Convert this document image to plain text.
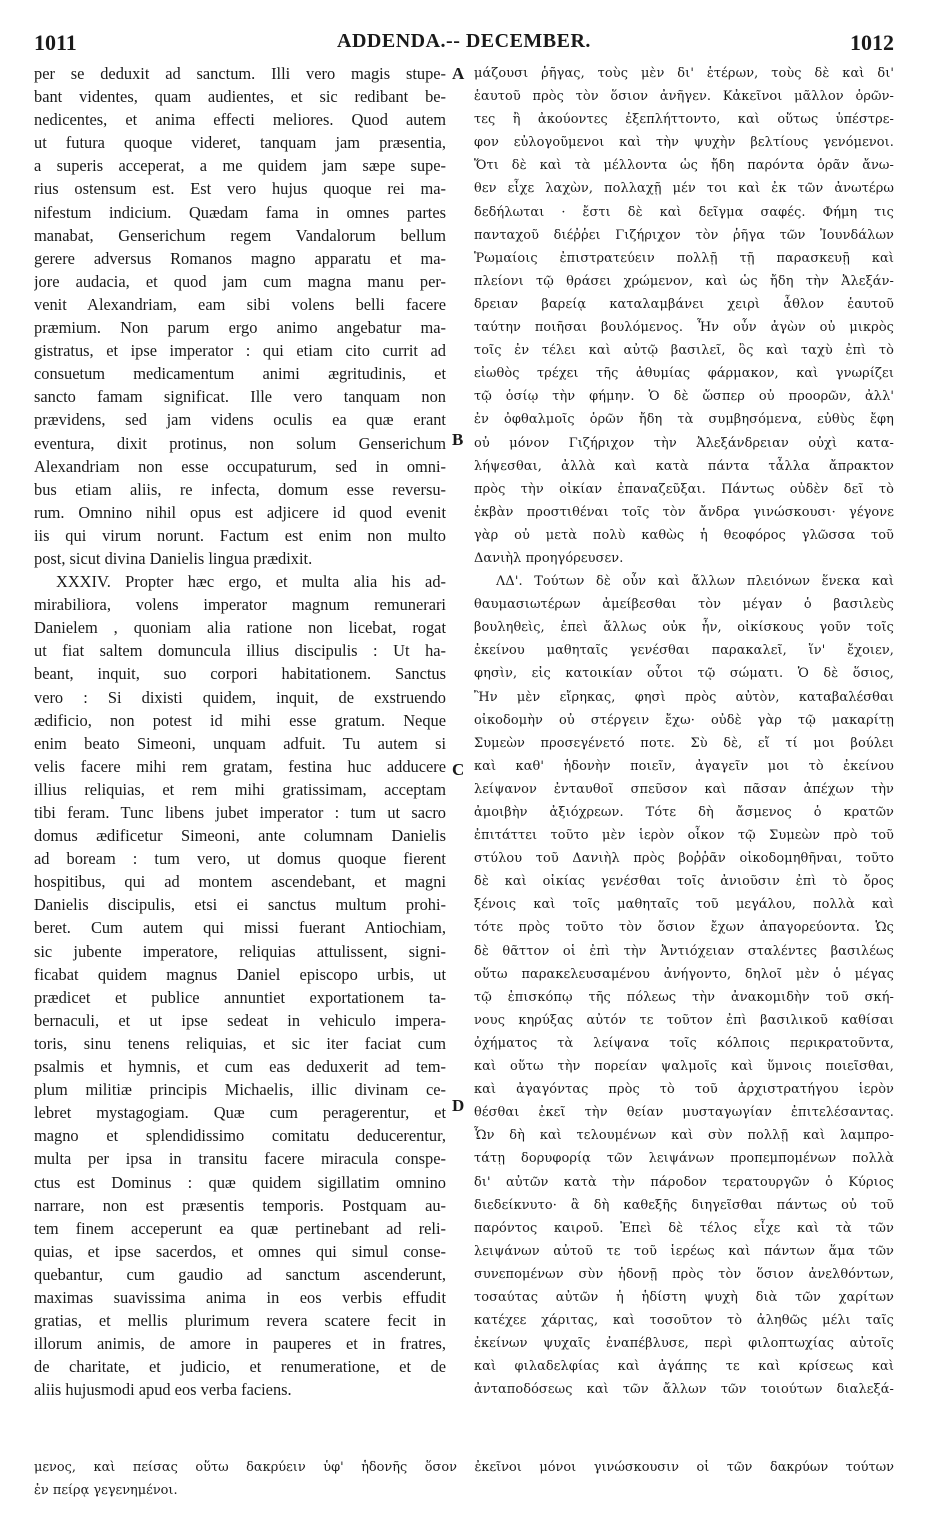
1011	ADDENDA.-- DECEMBER.	1012
per se deduxit ad sanctum. Illi vero magis stupe-
bant videntes, quam audientes, et sic redibant be-
nedicentes, et anima effecti meliores. Quod autem
ut futura quoque videret, tanquam jam præsentia,
a superis acceperat, a me quidem jam sæpe supe-
rius ostensum est. Est vero hujus quoque rei ma-
nifestum indicium. Quædam fama in omnes partes
manabat, Genserichum regem Vandalorum bellum
gerere adversus Romanos magno apparatu et ma-
jore audacia, et quod jam cum magna manu per-
venit Alexandriam, eam sibi volens belli facere
præmium. Non parum ergo animo angebatur ma-
gistratus, et ipse imperator : qui etiam cito currit ad
consuetum medicamentum animi ægritudinis, et
sancto famam significat. Ille vero tanquam non
prævidens, sed jam videns oculis ea quæ erant
eventura, dixit protinus, non solum Genserichum
Alexandriam non esse occupaturum, sed in omni-
bus etiam aliis, re infecta, domum esse reversu-
rum. Omnino nihil opus est adjicere id quod evenit
iis qui virum norunt. Factum est enim non multo
post, sicut divina Danielis lingua prædixit.
XXXIV. Propter hæc ergo, et multa alia his ad-
mirabiliora, volens imperator magnum remunerari
Danielem , quoniam alia ratione non licebat, rogat
ut fiat saltem domuncula illius discipulis : Ut ha-
beant, inquit, suo corpori habitationem. Sanctus
vero : Si dixisti quidem, inquit, de exstruendo
ædificio, non potest id mihi esse gratum. Neque
enim beato Simeoni, unquam adfuit. Tu autem si
velis facere mihi rem gratam, festina huc adducere
illius reliquias, et rem mihi gratissimam, acceptam
tibi feram. Tunc libens jubet imperator : tum ut sacro
domus ædificetur Simeoni, ante columnam Danielis
ad boream : tum vero, ut domus quoque fierent
hospitibus, qui ad montem ascendebant, et magni
Danielis discipulis, etsi ei sanctus multum prohi-
beret. Cum autem qui missi fuerant Antiochiam,
sic jubente imperatore, reliquias attulissent, signi-
ficabat quidem magnus Daniel episcopo urbis, ut
prædicet et publice annuntiet exportationem ta-
bernaculi, et ut ipse sedeat in vehiculo impera-
toris, sinu tenens reliquias, et sic iter faciat cum
psalmis et hymnis, et cum eas deduxerit ad tem-
plum militiæ principis Michaelis, illic divinam ce-
lebret mystagogiam. Quæ cum peragerentur, et
magno et splendidissimo comitatu deducerentur,
multa per ipsa in transitu facere miracula conspe-
ctus est Dominus : quæ quidem sigillatim omnino
narrare, non est præsentis temporis. Postquam au-
tem finem acceperunt ea quæ pertinebant ad reli-
quias, et ipse sacerdos, et omnes qui simul conse-
quebantur, cum gaudio ad sanctum ascenderunt,
maximas suavissima anima in eos verbis effudit
gratias, et mellis plurimum revera scatere fecit in
illorum animis, de amore in pauperes et in fratres,
de charitate, et judicio, et renumeratione, et de
aliis hujusmodi apud eos verba faciens.
μάζουσι ῥῆγας, τοὺς μὲν δι' ἑτέρων, τοὺς δὲ καὶ δι'
ἑαυτοῦ πρὸς τὸν ὅσιον ἀνῆγεν. Κἀκεῖνοι μᾶλλον ὁρῶν-
τες ἢ ἀκούοντες ἐξεπλήττοντο, καὶ οὕτως ὑπέστρε-
φον εὐλογοῦμενοι καὶ τὴν ψυχὴν βελτίους γενόμενοι.
Ὅτι δὲ καὶ τὰ μέλλοντα ὡς ἤδη παρόντα ὁρᾶν ἄνω-
θεν εἶχε λαχὼν, πολλαχῇ μέν τοι καὶ ἐκ τῶν ἀνωτέρω
δεδήλωται · ἔστι δὲ καὶ δεῖγμα σαφές. Φήμη τις
πανταχοῦ διέῤῥει Γιζήριχον τὸν ῥῆγα τῶν Ἰουνδάλων
Ῥωμαίοις ἐπιστρατεύειν πολλῇ τῇ παρασκευῇ καὶ
πλείονι τῷ θράσει χρώμενον, καὶ ὡς ἤδη τὴν Ἀλεξάν-
δρειαν βαρείᾳ καταλαμβάνει χειρὶ ἆθλον ἑαυτοῦ
ταύτην ποιῆσαι βουλόμενος. Ἦν οὖν ἀγὼν οὐ μικρὸς
τοῖς ἐν τέλει καὶ αὐτῷ βασιλεῖ, ὃς καὶ ταχὺ ἐπὶ τὸ
εἰωθὸς τρέχει τῆς ἀθυμίας φάρμακον, καὶ γνωρίζει
τῷ ὁσίῳ τὴν φήμην. Ὁ δὲ ὥσπερ οὐ προορῶν, ἀλλ'
ἐν ὀφθαλμοῖς ὁρῶν ἤδη τὰ συμβησόμενα, εὐθὺς ἔφη
οὐ μόνον Γιζήριχον τὴν Ἀλεξάνδρειαν οὐχὶ κατα-
λήψεσθαι, ἀλλὰ καὶ κατὰ πάντα τἆλλα ἄπρακτον
πρὸς τὴν οἰκίαν ἐπαναζεῦξαι. Πάντως οὐδὲν δεῖ τὸ
ἐκβὰν προστιθέναι τοῖς τὸν ἄνδρα γινώσκουσι· γέγονε
γὰρ οὐ μετὰ πολὺ καθὼς ἡ θεοφόρος γλῶσσα τοῦ
Δανιὴλ προηγόρευσεν.
ΛΔ'. Τούτων δὲ οὖν καὶ ἄλλων πλειόνων ἕνεκα καὶ
θαυμασιωτέρων ἀμείβεσθαι τὸν μέγαν ὁ βασιλεὺς
βουληθεὶς, ἐπεὶ ἄλλως οὐκ ἦν, οἰκίσκους γοῦν τοῖς
ἐκείνου μαθηταῖς γενέσθαι παρακαλεῖ, ἵν' ἔχοιεν,
φησὶν, εἰς κατοικίαν οὗτοι τῷ σώματι. Ὁ δὲ ὅσιος,
Ἢν μὲν εἴρηκας, φησὶ πρὸς αὐτὸν, καταβαλέσθαι
οἰκοδομὴν οὐ στέργειν ἔχω· οὐδὲ γὰρ τῷ μακαρίτῃ
Συμεὼν προσεγένετό ποτε. Σὺ δὲ, εἴ τί μοι βούλει
καὶ καθ' ἡδονὴν ποιεῖν, ἀγαγεῖν μοι τὸ ἐκείνου
λείψανον ἐνταυθοῖ σπεῦσον καὶ πᾶσαν ἀπέχων τὴν
ἀμοιβὴν ἀξιόχρεων. Τότε δὴ ἄσμενος ὁ κρατῶν
ἐπιτάττει τοῦτο μὲν ἱερὸν οἶκον τῷ Συμεὼν πρὸ τοῦ
στύλου τοῦ Δανιὴλ πρὸς βοῤῥᾶν οἰκοδομηθῆναι, τοῦτο
δὲ καὶ οἰκίας γενέσθαι τοῖς ἀνιοῦσιν ἐπὶ τὸ ὄρος
ξένοις καὶ τοῖς μαθηταῖς τοῦ μεγάλου, πολλὰ καὶ
τότε πρὸς τοῦτο τὸν ὅσιον ἔχων ἀπαγορεύοντα. Ὡς
δὲ θᾶττον οἱ ἐπὶ τὴν Ἀντιόχειαν σταλέντες βασιλέως
οὕτω παρακελευσαμένου ἀνήγοντο, δηλοῖ μὲν ὁ μέγας
τῷ ἐπισκόπῳ τῆς πόλεως τὴν ἀνακομιδὴν τοῦ σκή-
νους κηρύξας αὐτόν τε τοῦτον ἐπὶ βασιλικοῦ καθίσαι
ὀχήματος τὰ λείψανα τοῖς κόλποις περικρατοῦντα,
καὶ οὕτω τὴν πορείαν ψαλμοῖς καὶ ὕμνοις ποιεῖσθαι,
καὶ ἀγαγόντας πρὸς τὸ τοῦ ἀρχιστρατήγου ἱερὸν
θέσθαι ἐκεῖ τὴν θείαν μυσταγωγίαν ἐπιτελέσαντας.
Ὧν δὴ καὶ τελουμένων καὶ σὺν πολλῇ καὶ λαμπρο-
τάτῃ δορυφορίᾳ τῶν λειψάνων προπεμπομένων πολλὰ
δι' αὐτῶν κατὰ τὴν πάροδον τερατουργῶν ὁ Κύριος
διεδείκνυτο· ἃ δὴ καθεξῆς διηγεῖσθαι πάντως οὐ τοῦ
παρόντος καιροῦ. Ἐπεὶ δὲ τέλος εἶχε καὶ τὰ τῶν
λειψάνων αὐτοῦ τε τοῦ ἱερέως καὶ πάντων ἅμα τῶν
συνεπομένων σὺν ἡδονῇ πρὸς τὸν ὅσιον ἀνελθόντων,
τοσαύτας αὐτῶν ἡ ἡδίστη ψυχὴ διὰ τῶν χαρίτων
κατέχεε χάριτας, καὶ τοσοῦτον τὸ ἀληθῶς μέλι ταῖς
ἐκείνων ψυχαῖς ἐναπέβλυσε, περὶ φιλοπτωχίας αὐτοῖς
καὶ φιλαδελφίας καὶ ἀγάπης τε καὶ κρίσεως καὶ
ἀνταποδόσεως καὶ τῶν ἄλλων τῶν τοιούτων διαλεξά-
A
B
C
D
μενος, καὶ πείσας οὕτω δακρύειν ὑφ' ἡδονῆς ὅσον ἐκεῖνοι μόνοι γινώσκουσιν οἱ τῶν δακρύων τούτων
ἐν πείρᾳ γεγενημένοι.
